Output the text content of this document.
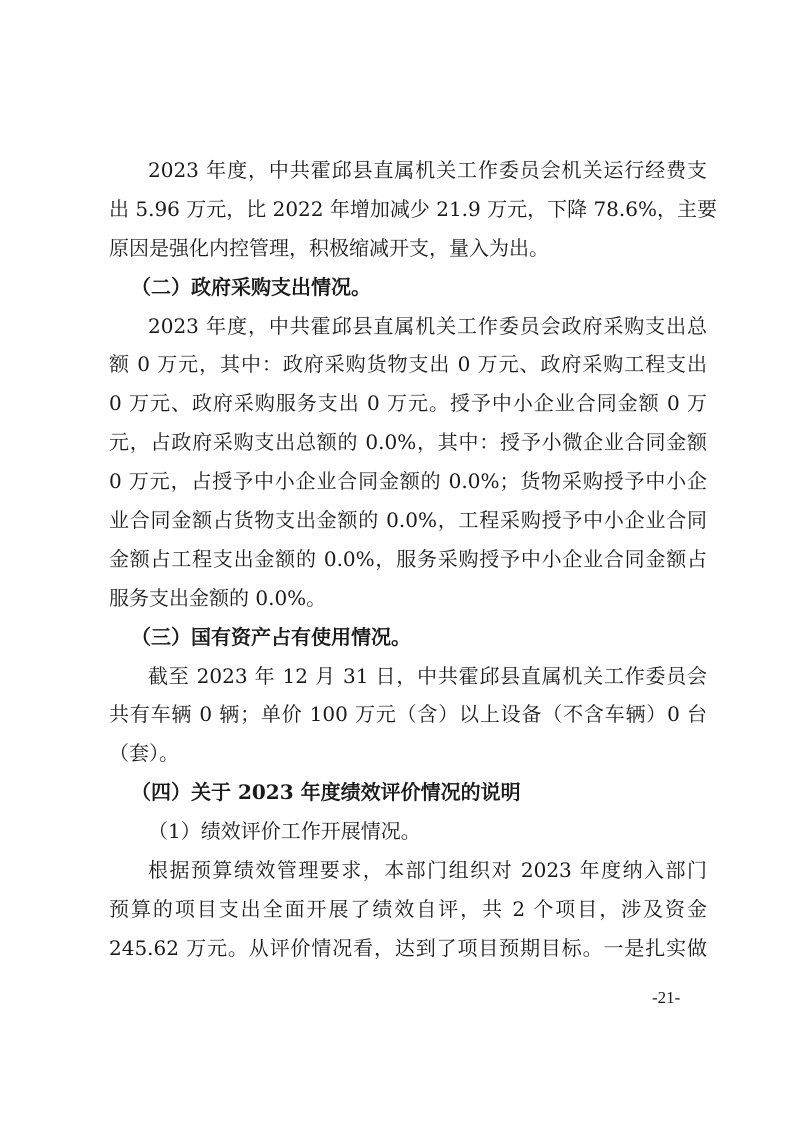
2023 年度，中共霍邱县直属机关工作委员会机关运行经费支
出 5.96 万元，比 2022 年增加减少 21.9 万元，下降 78.6%，主要
原因是强化内控管理，积极缩减开支，量入为出。
（二）政府采购支出情况。
2023 年度，中共霍邱县直属机关工作委员会政府采购支出总
额 0 万元，其中：政府采购货物支出 0 万元、政府采购工程支出
0 万元、政府采购服务支出 0 万元。授予中小企业合同金额 0 万
元，占政府采购支出总额的 0.0%，其中：授予小微企业合同金额
0 万元，占授予中小企业合同金额的 0.0%；货物采购授予中小企
业合同金额占货物支出金额的 0.0%，工程采购授予中小企业合同
金额占工程支出金额的 0.0%，服务采购授予中小企业合同金额占
服务支出金额的 0.0%。
（三）国有资产占有使用情况。
截至 2023 年 12 月 31 日，中共霍邱县直属机关工作委员会
共有车辆 0 辆；单价 100 万元（含）以上设备（不含车辆）0 台
（套）。
（四）关于 2023 年度绩效评价情况的说明
（1）绩效评价工作开展情况。
根据预算绩效管理要求，本部门组织对 2023 年度纳入部门
预算的项目支出全面开展了绩效自评，共 2 个项目，涉及资金
245.62 万元。从评价情况看，达到了项目预期目标。一是扎实做
-21-
